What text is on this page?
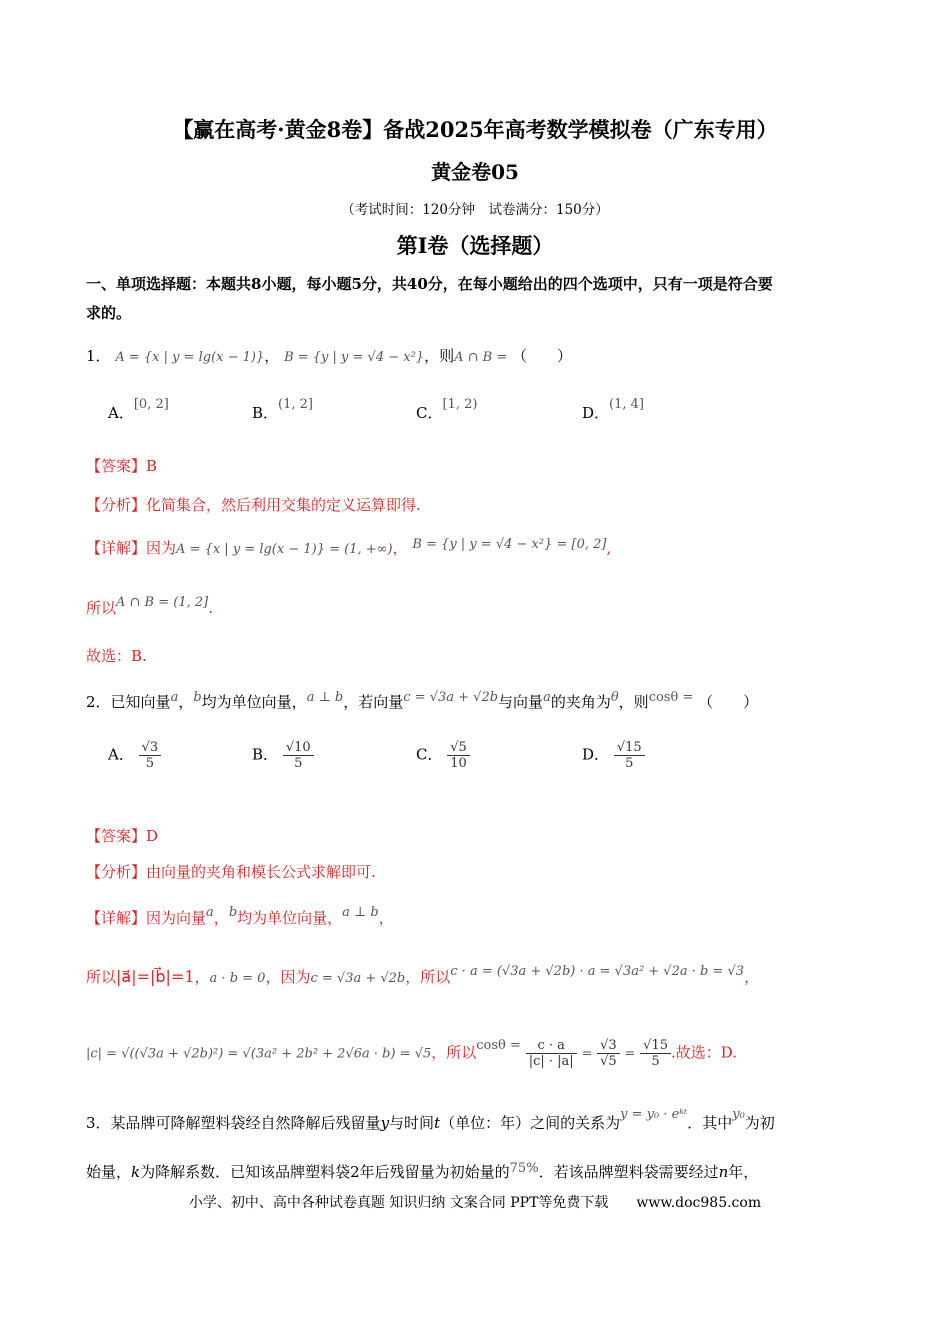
【赢在高考·黄金8卷】备战2025年高考数学模拟卷（广东专用）
黄金卷05
（考试时间：120分钟　试卷满分：150分）
第I卷（选择题）
一、单项选择题：本题共8小题，每小题5分，共40分，在每小题给出的四个选项中，只有一项是符合要
求的。
1． A = {x | y = lg(x − 1)}， B = {y | y = √4 − x²}，则A ∩ B = （　　）
A．[0, 2]	B．(1, 2]	C．[1, 2)	D．(1, 4]
【答案】B
【分析】化简集合，然后利用交集的定义运算即得.
【详解】因为A = {x | y = lg(x − 1)} = (1, +∞)， B = {y | y = √4 − x²} = [0, 2],
所以A ∩ B = (1, 2].
故选：B.
2．已知向量a，b均为单位向量，a ⊥ b，若向量c = √3a + √2b与向量a的夹角为θ，则cosθ = （　　）
A． $\frac{√3}{5}$	B． $\frac{√10}{5}$	C． $\frac{√5}{10}$	D． $\frac{√15}{5}$
【答案】D
【分析】由向量的夹角和模长公式求解即可.
【详解】因为向量a，b均为单位向量，a ⊥ b，
所以|a⃗|=|b⃗|=1，a · b = 0，因为c = √3a + √2b，所以c · a = (√3a + √2b) · a = √3a² + √2a · b = √3，
|c| = √((√3a + √2b)²) = √(3a² + 2b² + 2√6a · b) = √5，所以$\cos\theta = \frac{c \cdot a}{|c| \cdot |a|} = \frac{√3}{√5} = \frac{√15}{5}$ .故选：D.
3．某品牌可降解塑料袋经自然降解后残留量y与时间t（单位：年）之间的关系为y = y₀ · eᵏᵗ．其中y₀为初
始量，k为降解系数．已知该品牌塑料袋2年后残留量为初始量的75%．若该品牌塑料袋需要经过n年，
小学、初中、高中各种试卷真题 知识归纳 文案合同 PPT等免费下载　　www.doc985.com
